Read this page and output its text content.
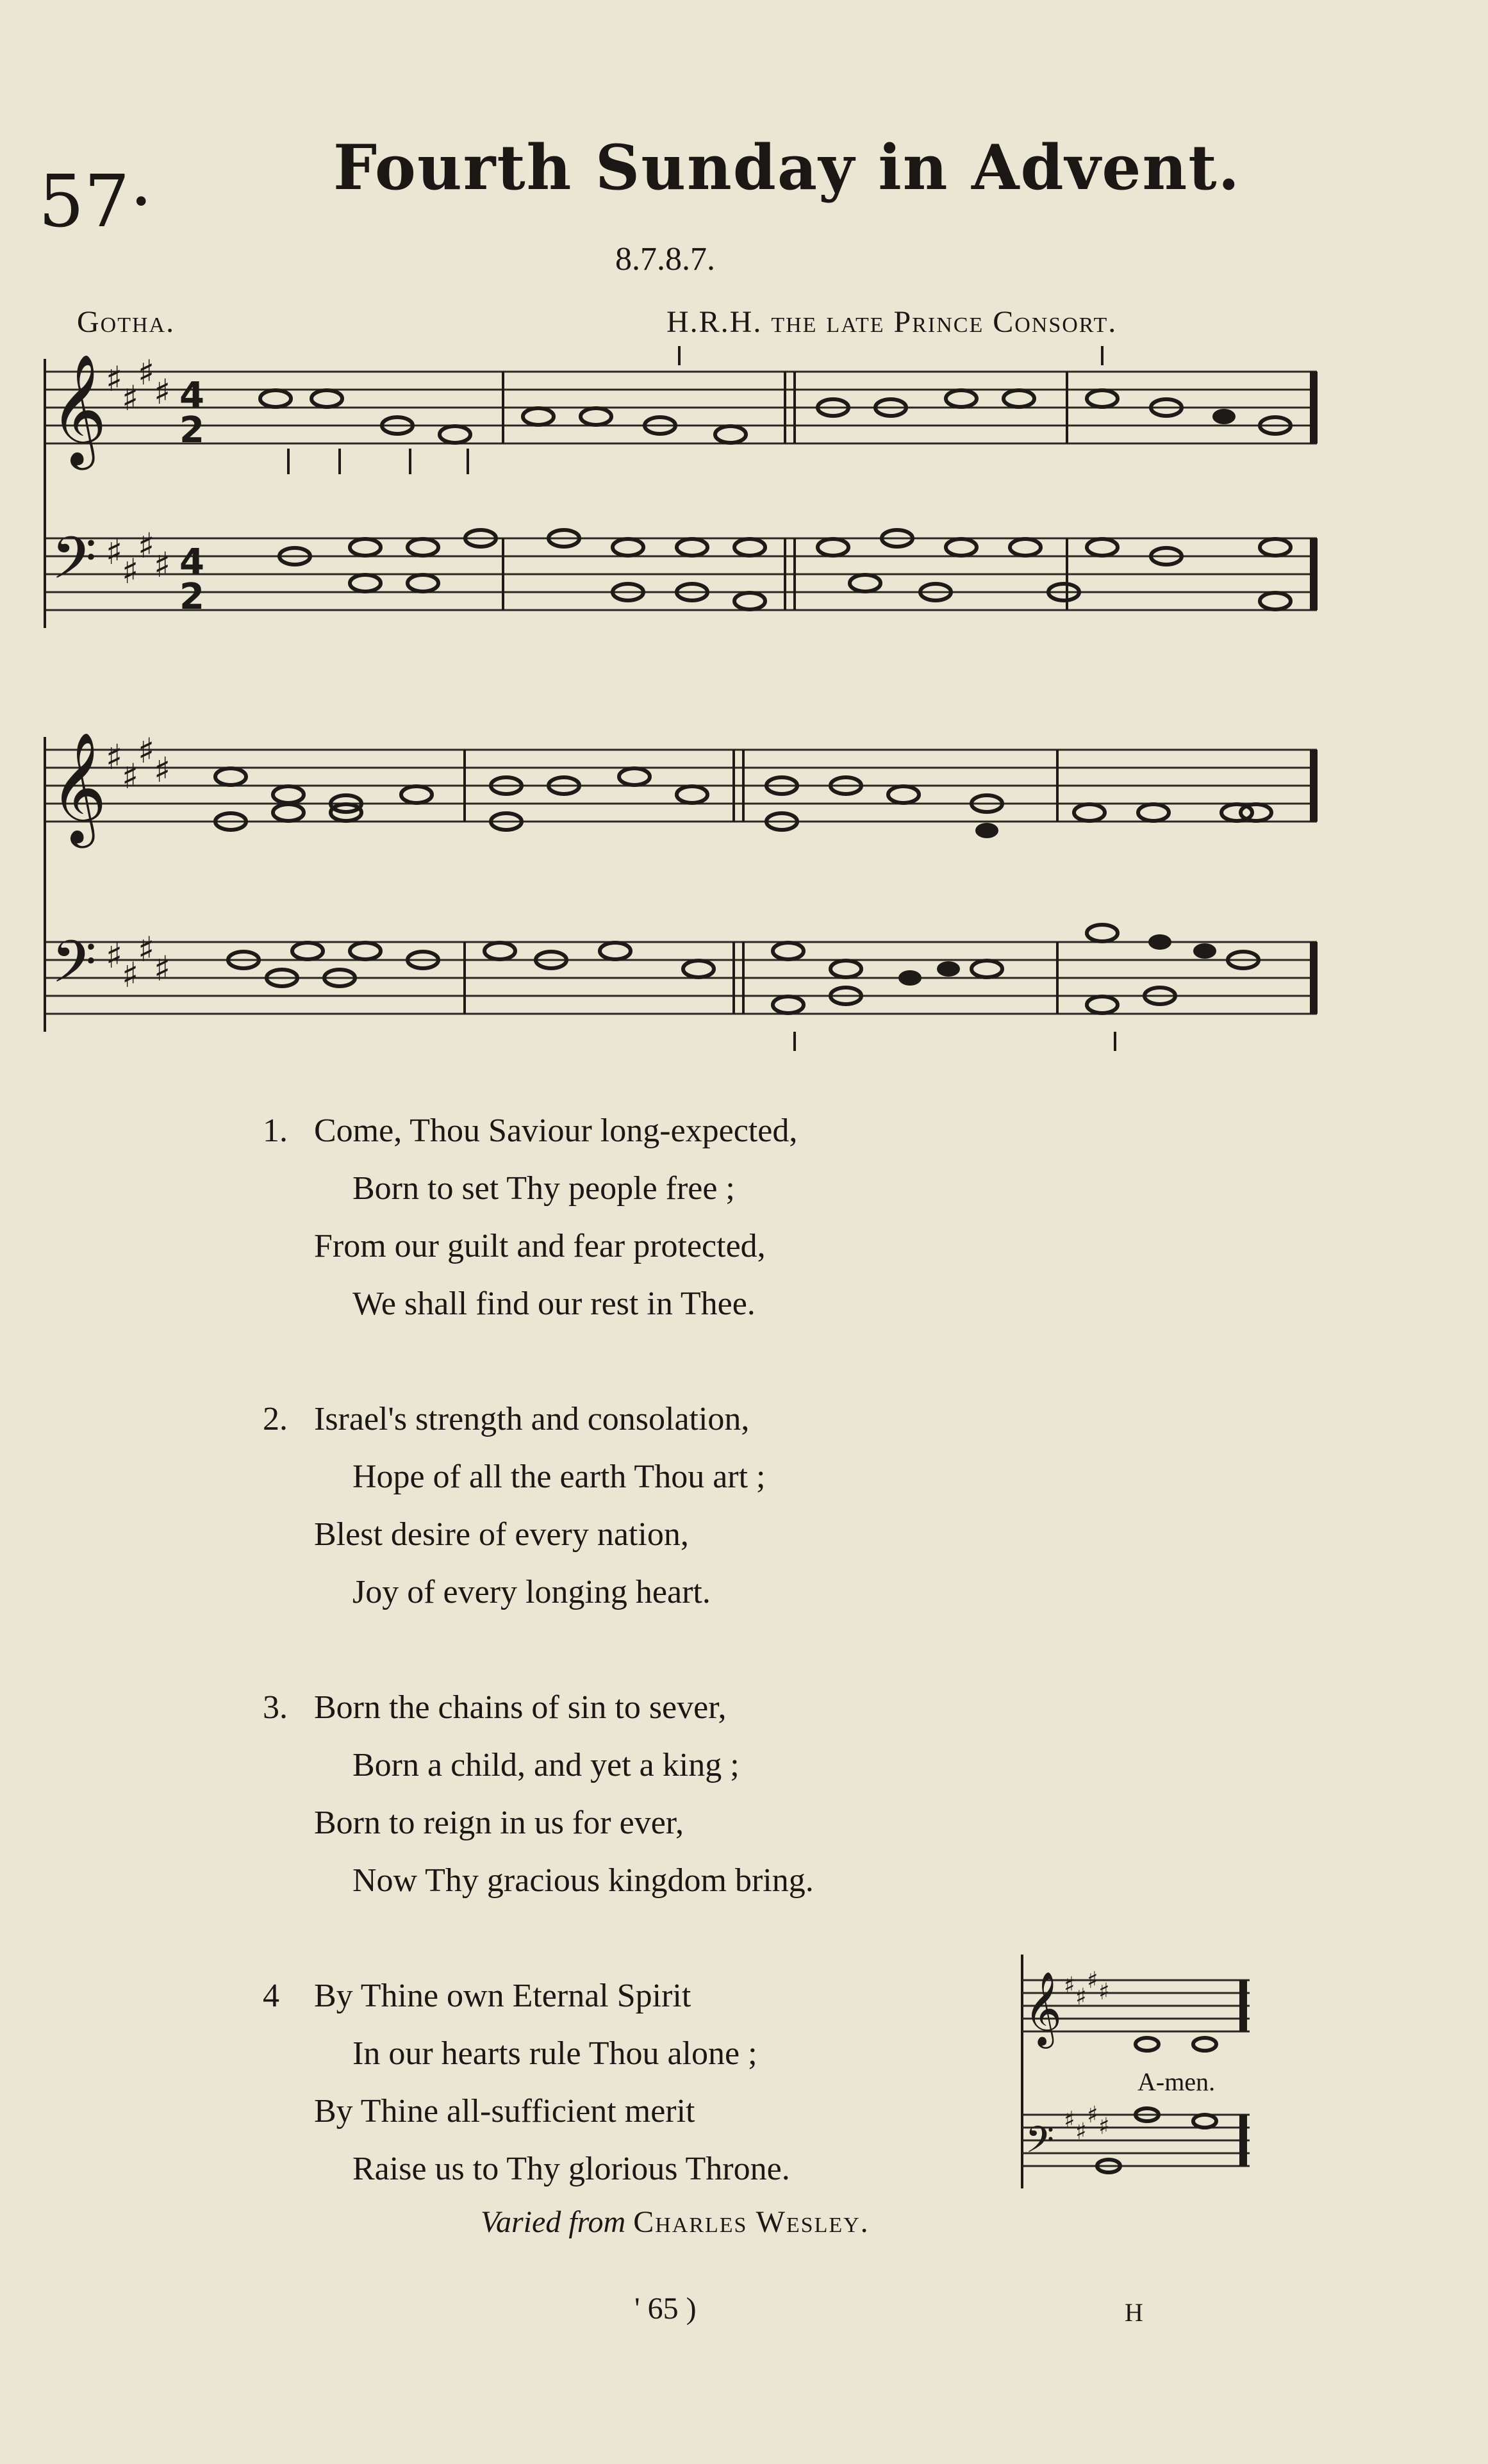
57·	Fourth Sunday in Advent.
8.7.8.7.
Gotha.	H.R.H. the late Prince Consort.
𝄞
𝄢
♯
♯
♯
♯
♯
♯
♯
♯
4
2
4
2
𝄞
𝄢
♯
♯
♯
♯
♯
♯
♯
♯
1. Come, Thou Saviour long-expected,
Born to set Thy people free ;
From our guilt and fear protected,
We shall find our rest in Thee.
2. Israel's strength and consolation,
Hope of all the earth Thou art ;
Blest desire of every nation,
Joy of every longing heart.
3. Born the chains of sin to sever,
Born a child, and yet a king ;
Born to reign in us for ever,
Now Thy gracious kingdom bring.
4 By Thine own Eternal Spirit
In our hearts rule Thou alone ;
By Thine all-sufficient merit
Raise us to Thy glorious Throne.
𝄞
𝄢
♯ ♯
♯ ♯
♯ ♯
♯ ♯
A-men.
Varied from Charles Wesley.
' 65 )	H
